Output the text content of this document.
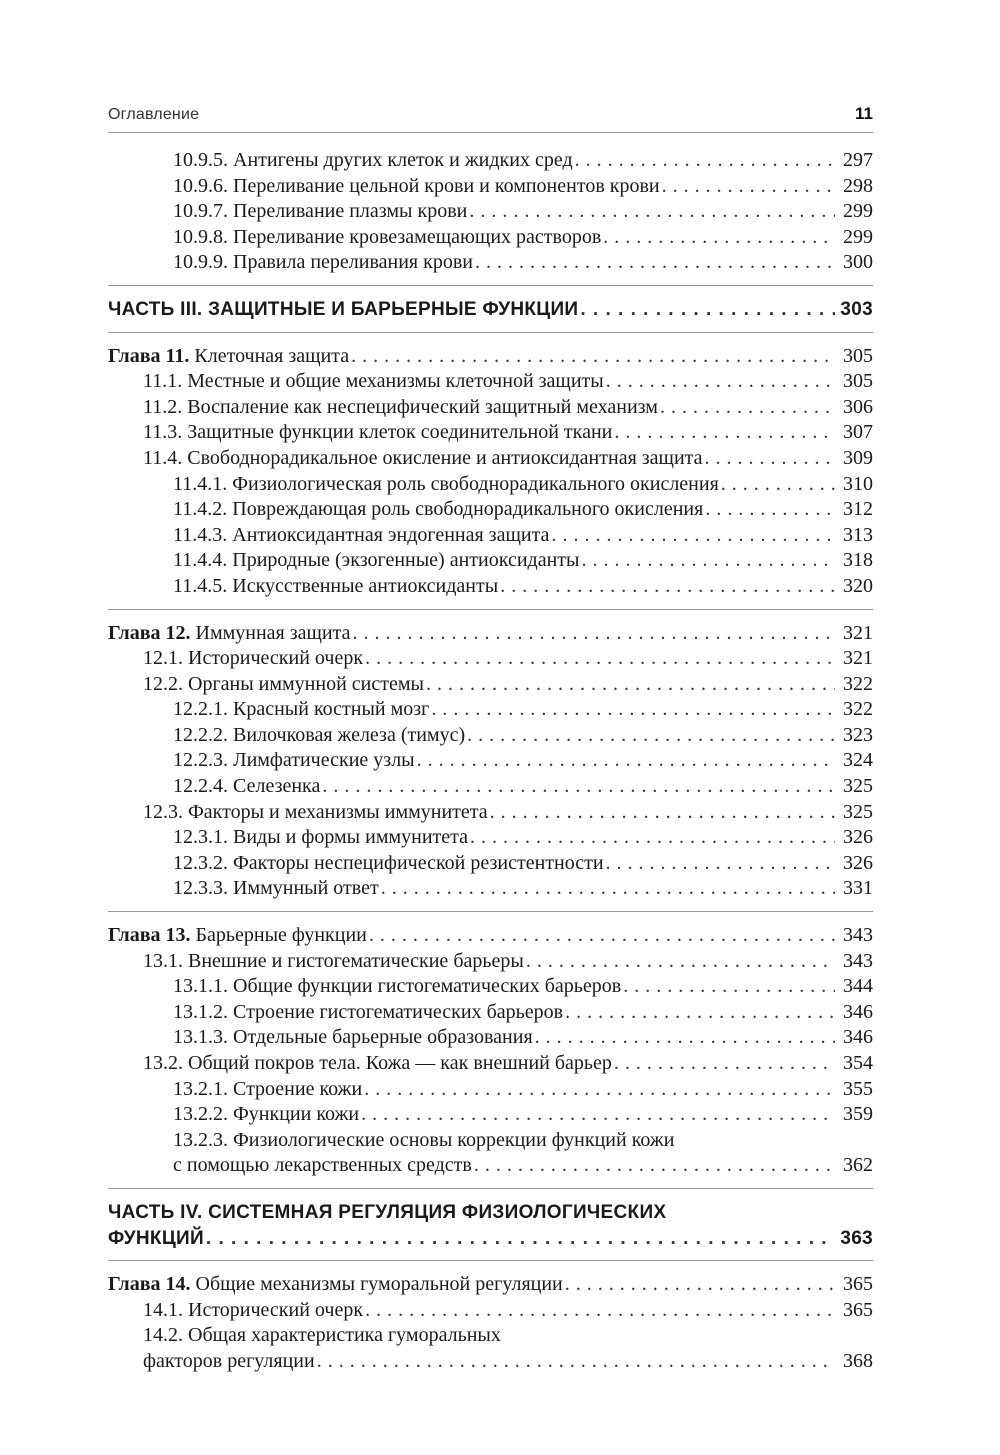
Оглавление	11
10.9.5. Антигены других клеток и жидких сред . . .	297
10.9.6. Переливание цельной крови и компонентов крови . . .	298
10.9.7. Переливание плазмы крови . . .	299
10.9.8. Переливание кровезамещающих растворов . . .	299
10.9.9. Правила переливания крови . . .	300
ЧАСТЬ III. ЗАЩИТНЫЕ И БАРЬЕРНЫЕ ФУНКЦИИ . . .	303
Глава 11. Клеточная защита . . .	305
11.1. Местные и общие механизмы клеточной защиты . . .	305
11.2. Воспаление как неспецифический защитный механизм . . .	306
11.3. Защитные функции клеток соединительной ткани . . .	307
11.4. Свободнорадикальное окисление и антиоксидантная защита . . .	309
11.4.1. Физиологическая роль свободнорадикального окисления . . .	310
11.4.2. Повреждающая роль свободнорадикального окисления . . .	312
11.4.3. Антиоксидантная эндогенная защита . . .	313
11.4.4. Природные (экзогенные) антиоксиданты . . .	318
11.4.5. Искусственные антиоксиданты . . .	320
Глава 12. Иммунная защита . . .	321
12.1. Исторический очерк . . .	321
12.2. Органы иммунной системы . . .	322
12.2.1. Красный костный мозг . . .	322
12.2.2. Вилочковая железа (тимус) . . .	323
12.2.3. Лимфатические узлы . . .	324
12.2.4. Селезенка . . .	325
12.3. Факторы и механизмы иммунитета . . .	325
12.3.1. Виды и формы иммунитета . . .	326
12.3.2. Факторы неспецифической резистентности . . .	326
12.3.3. Иммунный ответ . . .	331
Глава 13. Барьерные функции . . .	343
13.1. Внешние и гистогематические барьеры . . .	343
13.1.1. Общие функции гистогематических барьеров . . .	344
13.1.2. Строение гистогематических барьеров . . .	346
13.1.3. Отдельные барьерные образования . . .	346
13.2. Общий покров тела. Кожа — как внешний барьер . . .	354
13.2.1. Строение кожи . . .	355
13.2.2. Функции кожи . . .	359
13.2.3. Физиологические основы коррекции функций кожи
с помощью лекарственных средств . . .	362
ЧАСТЬ IV. СИСТЕМНАЯ РЕГУЛЯЦИЯ ФИЗИОЛОГИЧЕСКИХ
ФУНКЦИЙ . . .	363
Глава 14. Общие механизмы гуморальной регуляции . . .	365
14.1. Исторический очерк . . .	365
14.2. Общая характеристика гуморальных
факторов регуляции . . .	368
